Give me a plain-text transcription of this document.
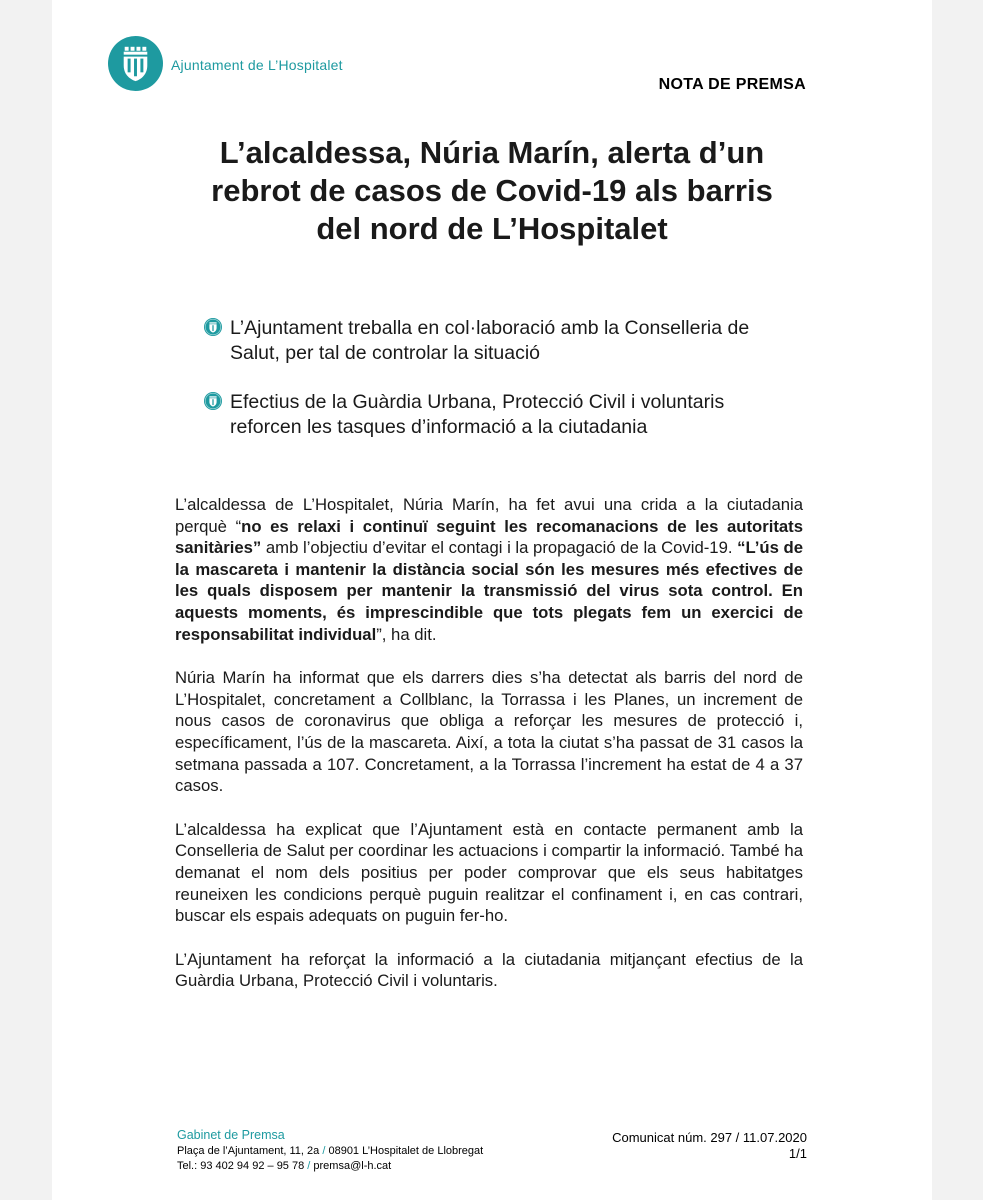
Ajuntament de L’Hospitalet
NOTA DE PREMSA
L’alcaldessa, Núria Marín, alerta d’un rebrot de casos de Covid-19 als barris del nord de L’Hospitalet
L’Ajuntament treballa en col·laboració amb la Conselleria de Salut, per tal de controlar la situació
Efectius de la Guàrdia Urbana, Protecció Civil i voluntaris reforcen les tasques d’informació a la ciutadania

L’alcaldessa de L’Hospitalet, Núria Marín, ha fet avui una crida a la ciutadania perquè “no es relaxi i continuï seguint les recomanacions de les autoritats sanitàries” amb l’objectiu d’evitar el contagi i la propagació de la Covid-19. “L’ús de la mascareta i mantenir la distància social són les mesures més efectives de les quals disposem per mantenir la transmissió del virus sota control. En aquests moments, és imprescindible que tots plegats fem un exercici de responsabilitat individual”, ha dit.

Núria Marín ha informat que els darrers dies s’ha detectat als barris del nord de L’Hospitalet, concretament a Collblanc, la Torrassa i les Planes, un increment de nous casos de coronavirus que obliga a reforçar les mesures de protecció i, específicament, l’ús de la mascareta. Així, a tota la ciutat s’ha passat de 31 casos la setmana passada a 107. Concretament, a la Torrassa l’increment ha estat de 4 a 37 casos.

L’alcaldessa ha explicat que l’Ajuntament està en contacte permanent amb la Conselleria de Salut per coordinar les actuacions i compartir la informació. També ha demanat el nom dels positius per poder comprovar que els seus habitatges reuneixen les condicions perquè puguin realitzar el confinament i, en cas contrari, buscar els espais adequats on puguin fer-ho.

L’Ajuntament ha reforçat la informació a la ciutadania mitjançant efectius de la Guàrdia Urbana, Protecció Civil i voluntaris.

Gabinet de Premsa
Plaça de l’Ajuntament, 11, 2a / 08901 L’Hospitalet de Llobregat
Tel.: 93 402 94 92 – 95 78 / premsa@l-h.cat
Comunicat núm. 297 / 11.07.2020
1/1
